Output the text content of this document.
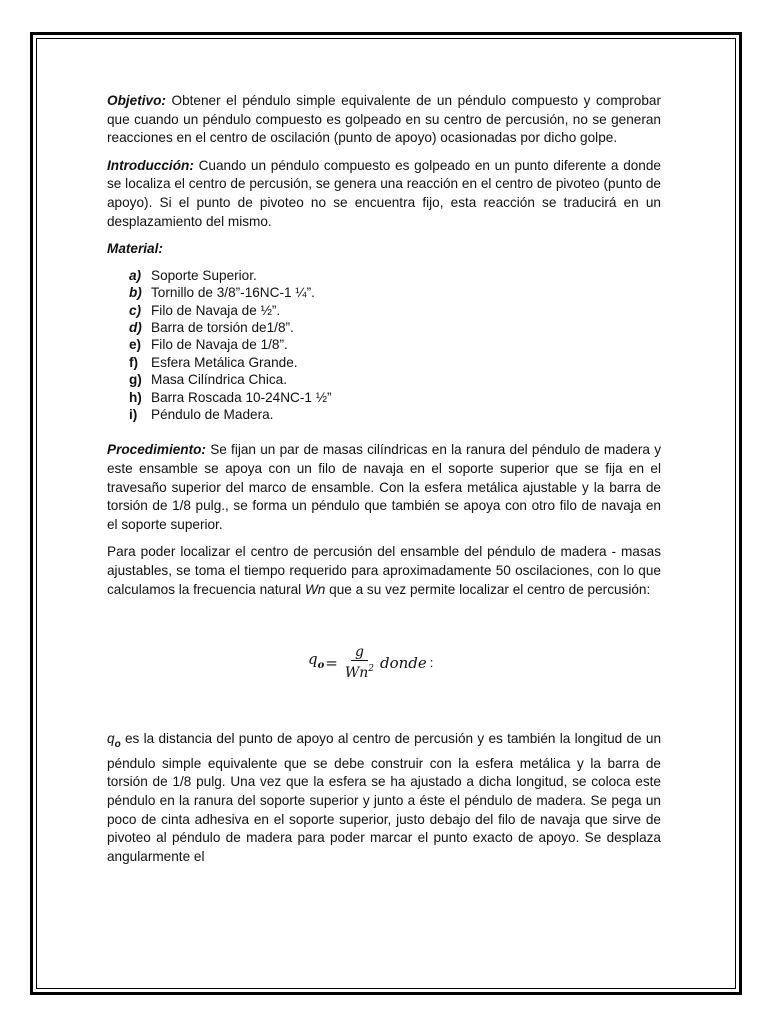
Objetivo: Obtener el péndulo simple equivalente de un péndulo compuesto y comprobar que cuando un péndulo compuesto es golpeado en su centro de percusión, no se generan reacciones en el centro de oscilación (punto de apoyo) ocasionadas por dicho golpe.

Introducción: Cuando un péndulo compuesto es golpeado en un punto diferente a donde se localiza el centro de percusión, se genera una reacción en el centro de pivoteo (punto de apoyo). Si el punto de pivoteo no se encuentra fijo, esta reacción se traducirá en un desplazamiento del mismo.

Material:
a) Soporte Superior.
b) Tornillo de 3/8”-16NC-1 ¼”.
c) Filo de Navaja de ½”.
d) Barra de torsión de1/8”.
e) Filo de Navaja de 1/8”.
f) Esfera Metálica Grande.
g) Masa Cilíndrica Chica.
h) Barra Roscada 10-24NC-1 ½”
i)	Péndulo de Madera.

Procedimiento: Se fijan un par de masas cilíndricas en la ranura del péndulo de madera y este ensamble se apoya con un filo de navaja en el soporte superior que se fija en el travesaño superior del marco de ensamble. Con la esfera metálica ajustable y la barra de torsión de 1/8 pulg., se forma un péndulo que también se apoya con otro filo de navaja en el soporte superior.

Para poder localizar el centro de percusión del ensamble del péndulo de madera - masas ajustables, se toma el tiempo requerido para aproximadamente 50 oscilaciones, con lo que calculamos la frecuencia natural Wn que a su vez permite localizar el centro de percusión:

$q_o = \frac{g}{Wn^2}$ donde :

$q_o$ es la distancia del punto de apoyo al centro de percusión y es también la longitud de un péndulo simple equivalente que se debe construir con la esfera metálica y la barra de torsión de 1/8 pulg. Una vez que la esfera se ha ajustado a dicha longitud, se coloca este péndulo en la ranura del soporte superior y junto a éste el péndulo de madera. Se pega un poco de cinta adhesiva en el soporte superior, justo debajo del filo de navaja que sirve de pivoteo al péndulo de madera para poder marcar el punto exacto de apoyo. Se desplaza angularmente el
